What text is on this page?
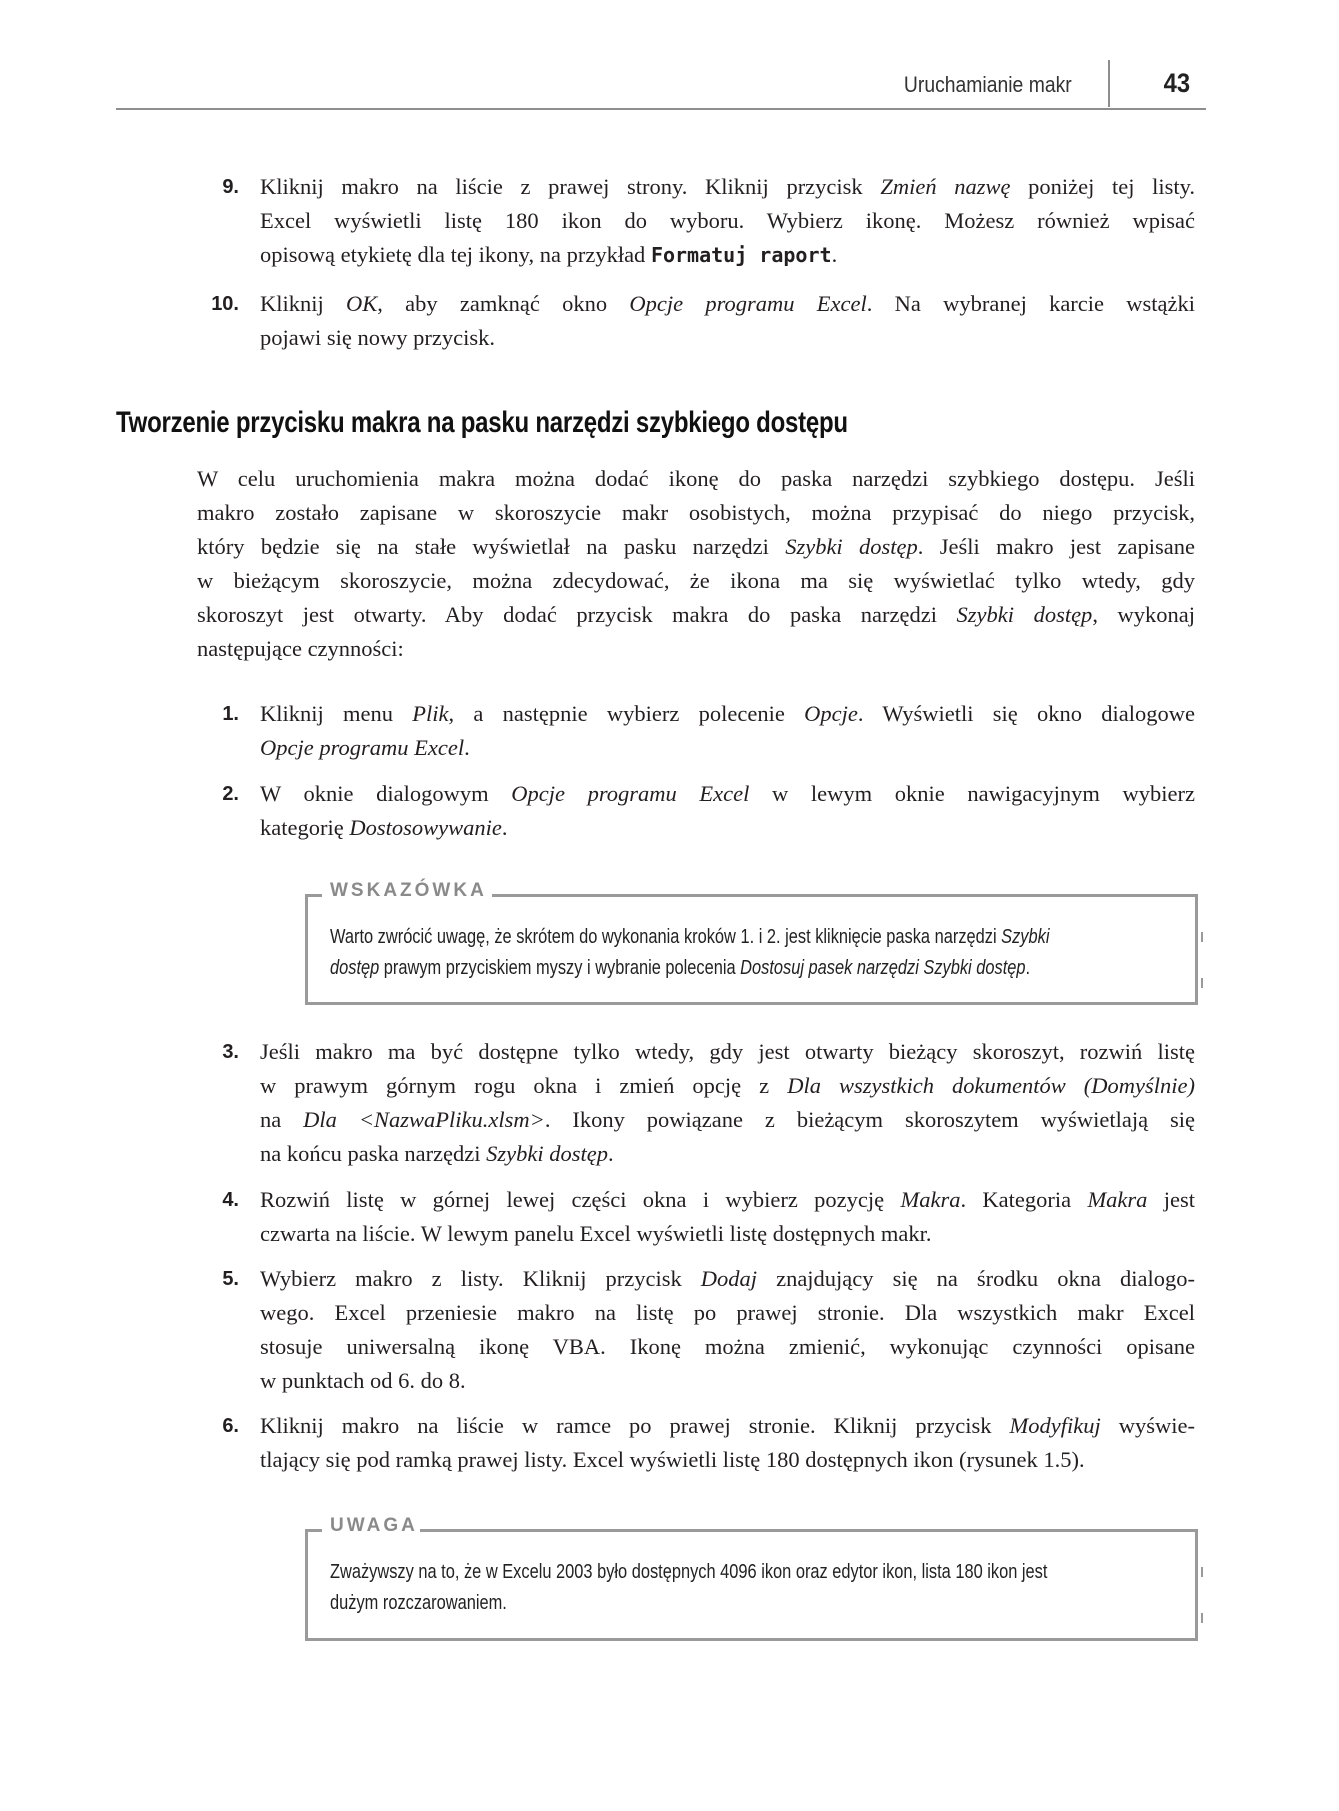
Uruchamianie makr	43
9. Kliknij makro na liście z prawej strony. Kliknij przycisk Zmień nazwę poniżej tej listy.
Excel wyświetli listę 180 ikon do wyboru. Wybierz ikonę. Możesz również wpisać
opisową etykietę dla tej ikony, na przykład Formatuj raport.
10. Kliknij OK, aby zamknąć okno Opcje programu Excel. Na wybranej karcie wstążki
pojawi się nowy przycisk.
Tworzenie przycisku makra na pasku narzędzi szybkiego dostępu
W celu uruchomienia makra można dodać ikonę do paska narzędzi szybkiego dostępu. Jeśli
makro zostało zapisane w skoroszycie makr osobistych, można przypisać do niego przycisk,
który będzie się na stałe wyświetlał na pasku narzędzi Szybki dostęp. Jeśli makro jest zapisane
w bieżącym skoroszycie, można zdecydować, że ikona ma się wyświetlać tylko wtedy, gdy
skoroszyt jest otwarty. Aby dodać przycisk makra do paska narzędzi Szybki dostęp, wykonaj
następujące czynności:
1. Kliknij menu Plik, a następnie wybierz polecenie Opcje. Wyświetli się okno dialogowe
Opcje programu Excel.
2. W oknie dialogowym Opcje programu Excel w lewym oknie nawigacyjnym wybierz
kategorię Dostosowywanie.
WSKAZÓWKA
Warto zwrócić uwagę, że skrótem do wykonania kroków 1. i 2. jest kliknięcie paska narzędzi Szybki
dostęp prawym przyciskiem myszy i wybranie polecenia Dostosuj pasek narzędzi Szybki dostęp.
3. Jeśli makro ma być dostępne tylko wtedy, gdy jest otwarty bieżący skoroszyt, rozwiń listę
w prawym górnym rogu okna i zmień opcję z Dla wszystkich dokumentów (Domyślnie)
na Dla <NazwaPliku.xlsm>. Ikony powiązane z bieżącym skoroszytem wyświetlają się
na końcu paska narzędzi Szybki dostęp.
4. Rozwiń listę w górnej lewej części okna i wybierz pozycję Makra. Kategoria Makra jest
czwarta na liście. W lewym panelu Excel wyświetli listę dostępnych makr.
5. Wybierz makro z listy. Kliknij przycisk Dodaj znajdujący się na środku okna dialogo-
wego. Excel przeniesie makro na listę po prawej stronie. Dla wszystkich makr Excel
stosuje uniwersalną ikonę VBA. Ikonę można zmienić, wykonując czynności opisane
w punktach od 6. do 8.
6. Kliknij makro na liście w ramce po prawej stronie. Kliknij przycisk Modyfikuj wyświe-
tlający się pod ramką prawej listy. Excel wyświetli listę 180 dostępnych ikon (rysunek 1.5).
UWAGA
Zważywszy na to, że w Excelu 2003 było dostępnych 4096 ikon oraz edytor ikon, lista 180 ikon jest
dużym rozczarowaniem.
